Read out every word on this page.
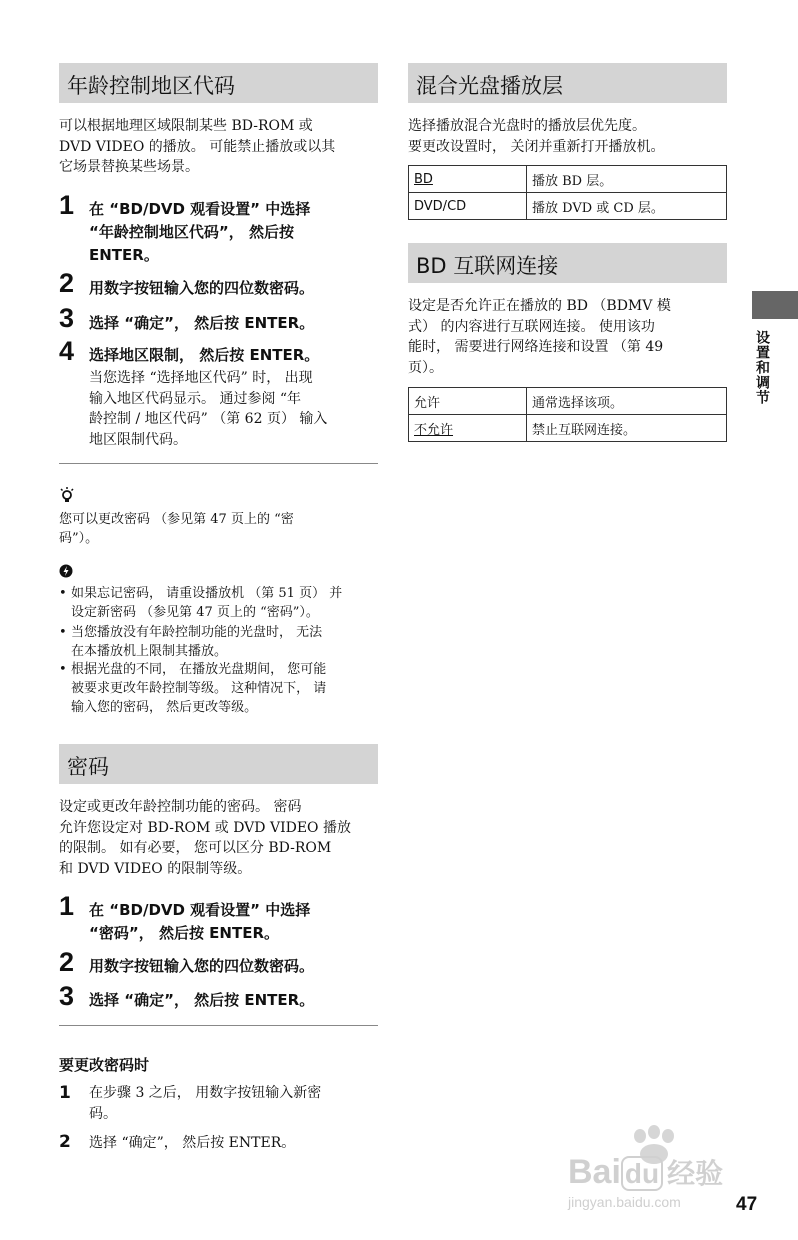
年龄控制地区代码
可以根据地理区域限制某些 BD-ROM 或
DVD VIDEO 的播放。 可能禁止播放或以其
它场景替换某些场景。
1 在 “BD/DVD 观看设置” 中选择
“年龄控制地区代码”， 然后按
ENTER。
2 用数字按钮输入您的四位数密码。
3 选择 “确定”， 然后按 ENTER。
4 选择地区限制， 然后按 ENTER。
当您选择 “选择地区代码” 时， 出现
输入地区代码显示。 通过参阅 “年
龄控制 / 地区代码” （第 62 页） 输入
地区限制代码。
您可以更改密码 （参见第 47 页上的 “密
码”）。
• 如果忘记密码， 请重设播放机 （第 51 页） 并
设定新密码 （参见第 47 页上的 “密码”）。
• 当您播放没有年龄控制功能的光盘时， 无法
在本播放机上限制其播放。
• 根据光盘的不同， 在播放光盘期间， 您可能
被要求更改年龄控制等级。 这种情况下， 请
输入您的密码， 然后更改等级。
密码
设定或更改年龄控制功能的密码。 密码
允许您设定对 BD-ROM 或 DVD VIDEO 播放
的限制。 如有必要， 您可以区分 BD-ROM
和 DVD VIDEO 的限制等级。
1 在 “BD/DVD 观看设置” 中选择
“密码”， 然后按 ENTER。
2 用数字按钮输入您的四位数密码。
3 选择 “确定”， 然后按 ENTER。
要更改密码时
1 在步骤 3 之后， 用数字按钮输入新密
码。
2 选择 “确定”， 然后按 ENTER。
混合光盘播放层
选择播放混合光盘时的播放层优先度。
要更改设置时， 关闭并重新打开播放机。
BD	播放 BD 层。
DVD/CD	播放 DVD 或 CD 层。
BD 互联网连接
设定是否允许正在播放的 BD （BDMV 模
式） 的内容进行互联网连接。 使用该功
能时， 需要进行网络连接和设置 （第 49
页）。
允许	通常选择该项。
不允许	禁止互联网连接。
设置和调节
Bai du 经验
jingyan.baidu.com	47
